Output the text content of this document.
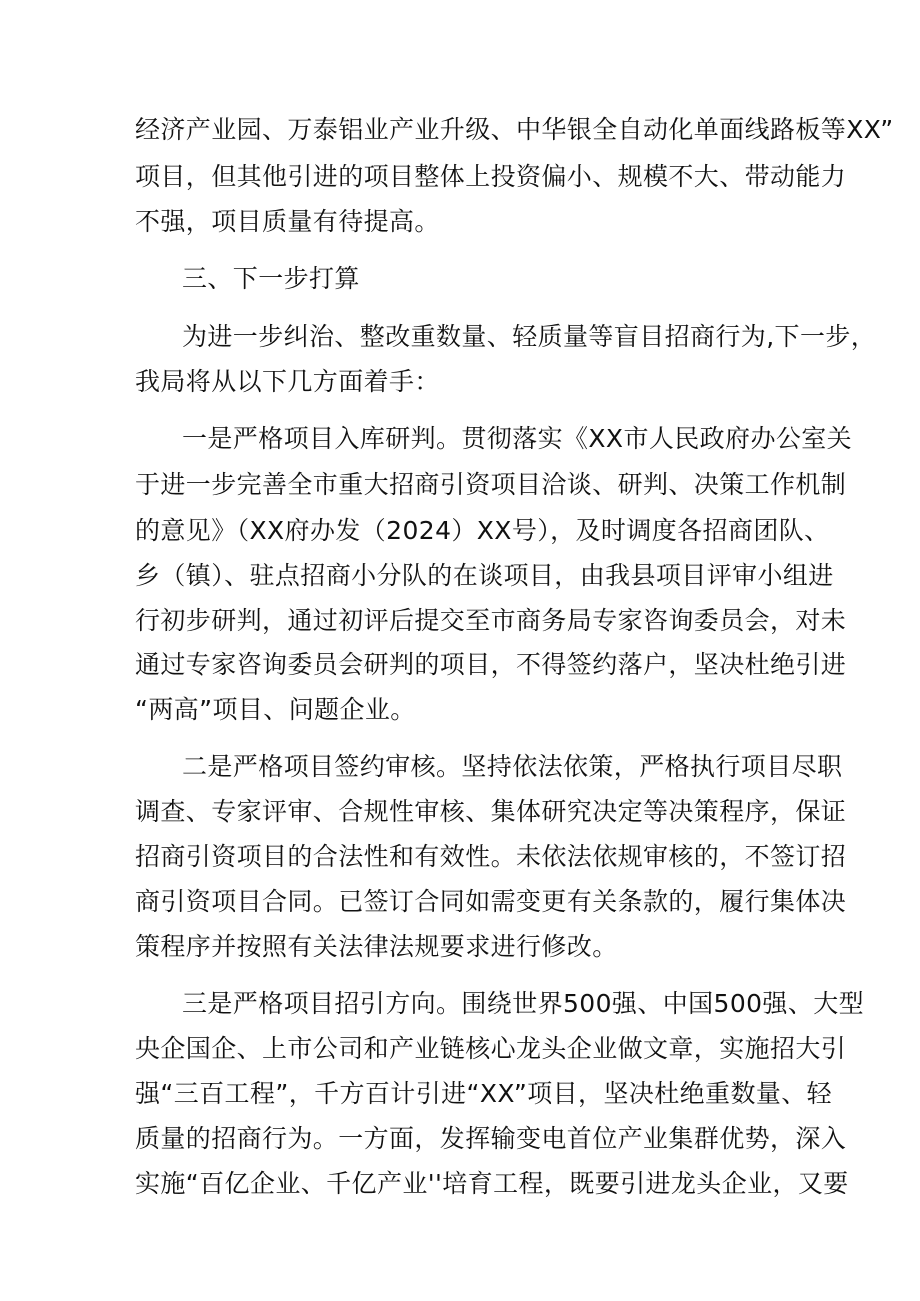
经济产业园、万泰铝业产业升级、中华银全自动化单面线路板等XX”
项目，但其他引进的项目整体上投资偏小、规模不大、带动能力
不强，项目质量有待提高。
三、下一步打算
为进一步纠治、整改重数量、轻质量等盲目招商行为,下一步，
我局将从以下几方面着手：
一是严格项目入库研判。贯彻落实《XX市人民政府办公室关
于进一步完善全市重大招商引资项目洽谈、研判、决策工作机制
的意见》（XX府办发（2024）XX号），及时调度各招商团队、
乡（镇）、驻点招商小分队的在谈项目，由我县项目评审小组进
行初步研判，通过初评后提交至市商务局专家咨询委员会，对未
通过专家咨询委员会研判的项目，不得签约落户，坚决杜绝引进
“两高”项目、问题企业。
二是严格项目签约审核。坚持依法依策，严格执行项目尽职
调查、专家评审、合规性审核、集体研究决定等决策程序，保证
招商引资项目的合法性和有效性。未依法依规审核的，不签订招
商引资项目合同。已签订合同如需变更有关条款的，履行集体决
策程序并按照有关法律法规要求进行修改。
三是严格项目招引方向。围绕世界500强、中国500强、大型
央企国企、上市公司和产业链核心龙头企业做文章，实施招大引
强“三百工程”，千方百计引进“XX”项目，坚决杜绝重数量、轻
质量的招商行为。一方面，发挥输变电首位产业集群优势，深入
实施“百亿企业、千亿产业''培育工程，既要引进龙头企业，又要
